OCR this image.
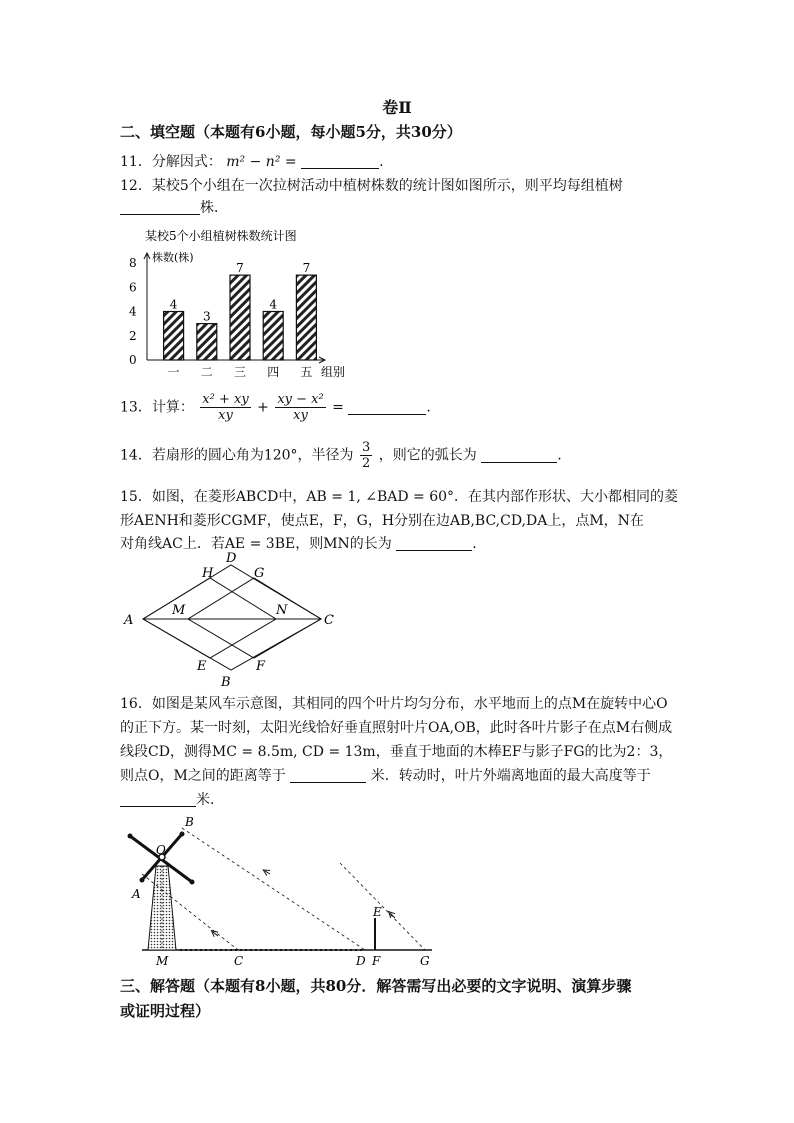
卷Ⅱ
二、填空题（本题有6小题，每小题5分，共30分）
11．分解因式： m² − n² =	.
12．某校5个小组在一次拉树活动中植树株数的统计图如图所示，则平均每组植树
株．
某校5个小组植树株数统计图
株数(株)
组别
0
2
4
6
8
4
一
3
二
7
三
4
四
7
五
13．计算： $\frac{\text{x² + xy}}{xy} + \frac{\text{xy − x²}}{xy}$ =	.
14．若扇形的圆心角为120°，半径为 $\frac{3}{2}$ ，则它的弧长为	.
15．如图，在菱形ABCD中，AB = 1, ∠BAD = 60°．在其内部作形状、大小都相同的菱
形AENH和菱形CGMF，使点E，F，G，H分别在边AB,BC,CD,DA上，点M，N在
对角线AC上．若AE = 3BE，则MN的长为	.
H
D
G
A
M	N
C
E	F
B
16．如图是某风车示意图，其相同的四个叶片均匀分布，水平地而上的点M在旋转中心O
的正下方。某一时刻，太阳光线恰好垂直照射叶片OA,OB，此时各叶片影子在点M右侧成
线段CD，测得MC = 8.5m, CD = 13m，垂直于地面的木棒EF与影子FG的比为2：3，
则点O，M之间的距离等于	米．转动时，叶片外端离地面的最大高度等于
米．
B
O
A
M	C	D
E
F	G
三、解答题（本题有8小题，共80分．解答需写出必要的文字说明、演算步骤
或证明过程）
